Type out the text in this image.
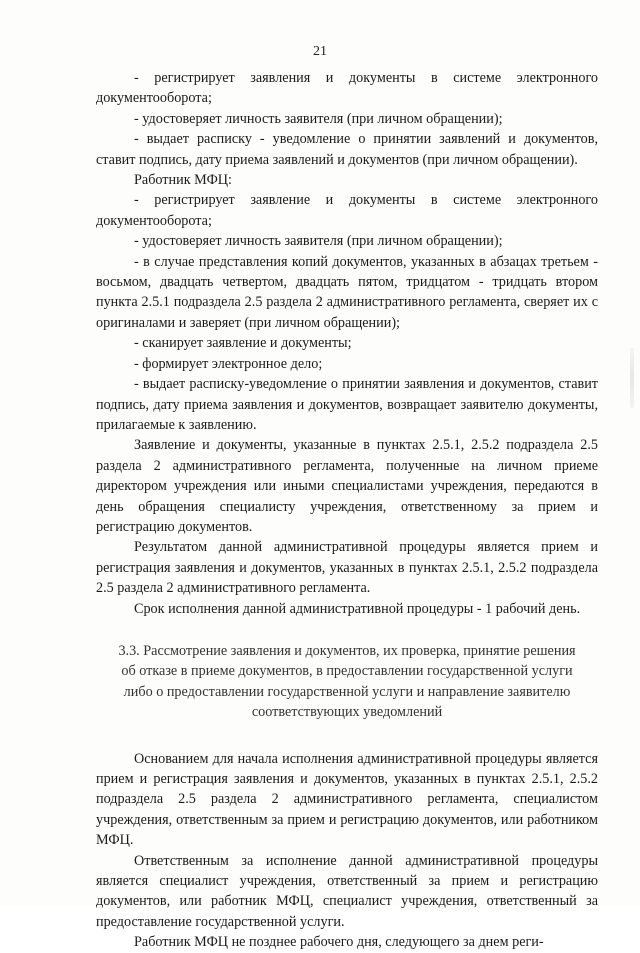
21

- регистрирует заявления и документы в системе электронного документооборота;

- удостоверяет личность заявителя (при личном обращении);

- выдает расписку - уведомление о принятии заявлений и документов, ставит подпись, дату приема заявлений и документов (при личном обращении).

Работник МФЦ:

- регистрирует заявление и документы в системе электронного документооборота;

- удостоверяет личность заявителя (при личном обращении);

- в случае представления копий документов, указанных в абзацах третьем - восьмом, двадцать четвертом, двадцать пятом, тридцатом - тридцать втором пункта 2.5.1 подраздела 2.5 раздела 2 административного регламента, сверяет их с оригиналами и заверяет (при личном обращении);

- сканирует заявление и документы;

- формирует электронное дело;

- выдает расписку-уведомление о принятии заявления и документов, ставит подпись, дату приема заявления и документов, возвращает заявителю документы, прилагаемые к заявлению.

Заявление и документы, указанные в пунктах 2.5.1, 2.5.2 подраздела 2.5 раздела 2 административного регламента, полученные на личном приеме директором учреждения или иными специалистами учреждения, передаются в день обращения специалисту учреждения, ответственному за прием и регистрацию документов.

Результатом данной административной процедуры является прием и регистрация заявления и документов, указанных в пунктах 2.5.1, 2.5.2 подраздела 2.5 раздела 2 административного регламента.

Срок исполнения данной административной процедуры - 1 рабочий день.

3.3. Рассмотрение заявления и документов, их проверка, принятие решения об отказе в приеме документов, в предоставлении государственной услуги либо о предоставлении государственной услуги и направление заявителю соответствующих уведомлений

Основанием для начала исполнения административной процедуры является прием и регистрация заявления и документов, указанных в пунктах 2.5.1, 2.5.2 подраздела 2.5 раздела 2 административного регламента, специалистом учреждения, ответственным за прием и регистрацию документов, или работником МФЦ.

Ответственным за исполнение данной административной процедуры является специалист учреждения, ответственный за прием и регистрацию документов, или работник МФЦ, специалист учреждения, ответственный за предоставление государственной услуги.

Работник МФЦ не позднее рабочего дня, следующего за днем реги-
